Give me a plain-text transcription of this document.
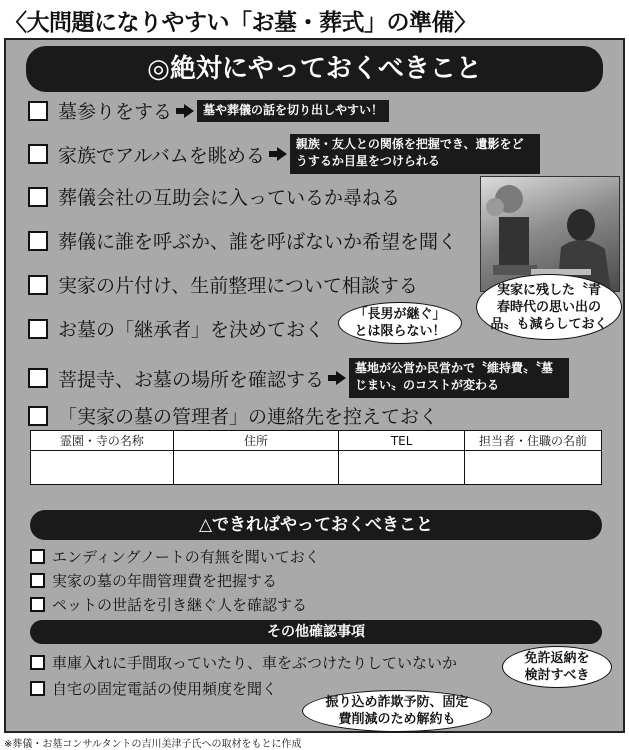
〈大問題になりやすい「お墓・葬式」の準備〉
◎絶対にやっておくべきこと
墓参りをする	墓や葬儀の話を切り出しやすい！
家族でアルバムを眺める
親族・友人との関係を把握でき、遺影をどうするか目星をつけられる
葬儀会社の互助会に入っているか尋ねる
葬儀に誰を呼ぶか、誰を呼ばないか希望を聞く
実家の片付け、生前整理について相談する	実家に残した〝青
春時代の思い出の
品〟も減らしておく
お墓の「継承者」を決めておく
「長男が継ぐ」
とは限らない！
菩提寺、お墓の場所を確認する
墓地が公営か民営かで〝維持費〟〝墓じまい〟のコストが変わる
「実家の墓の管理者」の連絡先を控えておく
霊園・寺の名称	住所	TEL	担当者・住職の名前

△できればやっておくべきこと
エンディングノートの有無を聞いておく
実家の墓の年間管理費を把握する
ペットの世話を引き継ぐ人を確認する
その他確認事項
車庫入れに手間取っていたり、車をぶつけたりしていないか
自宅の固定電話の使用頻度を聞く
免許返納を
検討すべき
振り込め詐欺予防、固定
費削減のため解約も
※葬儀・お墓コンサルタントの吉川美津子氏への取材をもとに作成
